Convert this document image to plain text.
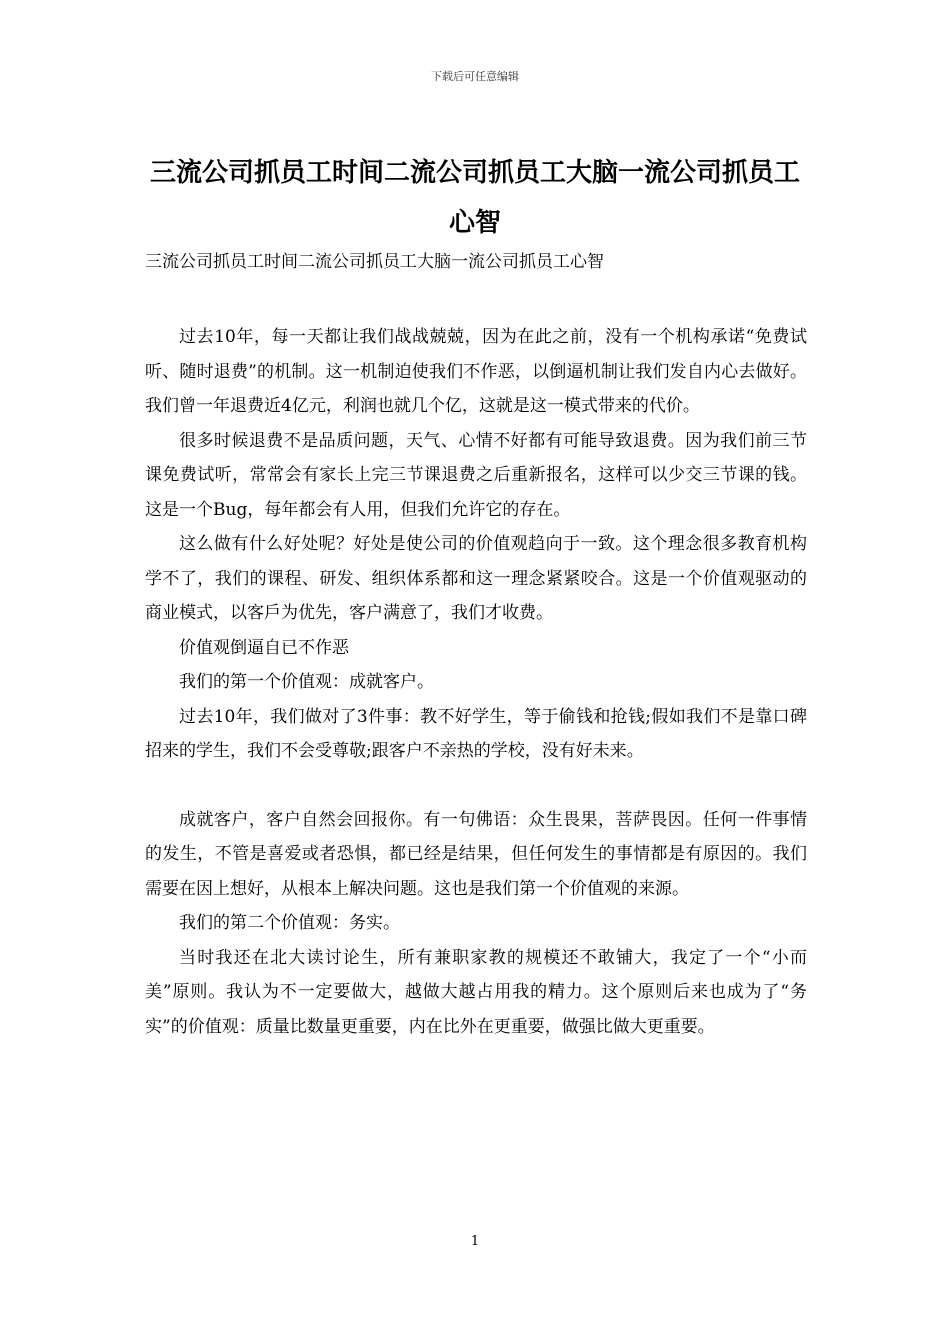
下载后可任意编辑
三流公司抓员工时间二流公司抓员工大脑一流公司抓员工心智

三流公司抓员工时间二流公司抓员工大脑一流公司抓员工心智

过去10年，每一天都让我们战战兢兢，因为在此之前，没有一个机构承诺“免费试听、随时退费”的机制。这一机制迫使我们不作恶，以倒逼机制让我们发自内心去做好。我们曾一年退费近4亿元，利润也就几个亿，这就是这一模式带来的代价。

很多时候退费不是品质问题，天气、心情不好都有可能导致退费。因为我们前三节课免费试听，常常会有家长上完三节课退费之后重新报名，这样可以少交三节课的钱。这是一个Bug，每年都会有人用，但我们允许它的存在。

这么做有什么好处呢？好处是使公司的价值观趋向于一致。这个理念很多教育机构学不了，我们的课程、研发、组织体系都和这一理念紧紧咬合。这是一个价值观驱动的商业模式，以客戶为优先，客户满意了，我们才收费。

价值观倒逼自已不作恶

我们的第一个价值观：成就客户。

过去10年，我们做对了3件事：教不好学生，等于偷钱和抢钱;假如我们不是靠口碑招来的学生，我们不会受尊敬;跟客户不亲热的学校，没有好未来。

成就客户，客户自然会回报你。有一句佛语：众生畏果，菩萨畏因。任何一件事情的发生，不管是喜爱或者恐惧，都已经是结果，但任何发生的事情都是有原因的。我们需要在因上想好，从根本上解决问题。这也是我们第一个价值观的来源。

我们的第二个价值观：务实。

当时我还在北大读讨论生，所有兼职家教的规模还不敢铺大，我定了一个“小而美”原则。我认为不一定要做大，越做大越占用我的精力。这个原则后来也成为了“务实”的价值观：质量比数量更重要，内在比外在更重要，做强比做大更重要。

1
